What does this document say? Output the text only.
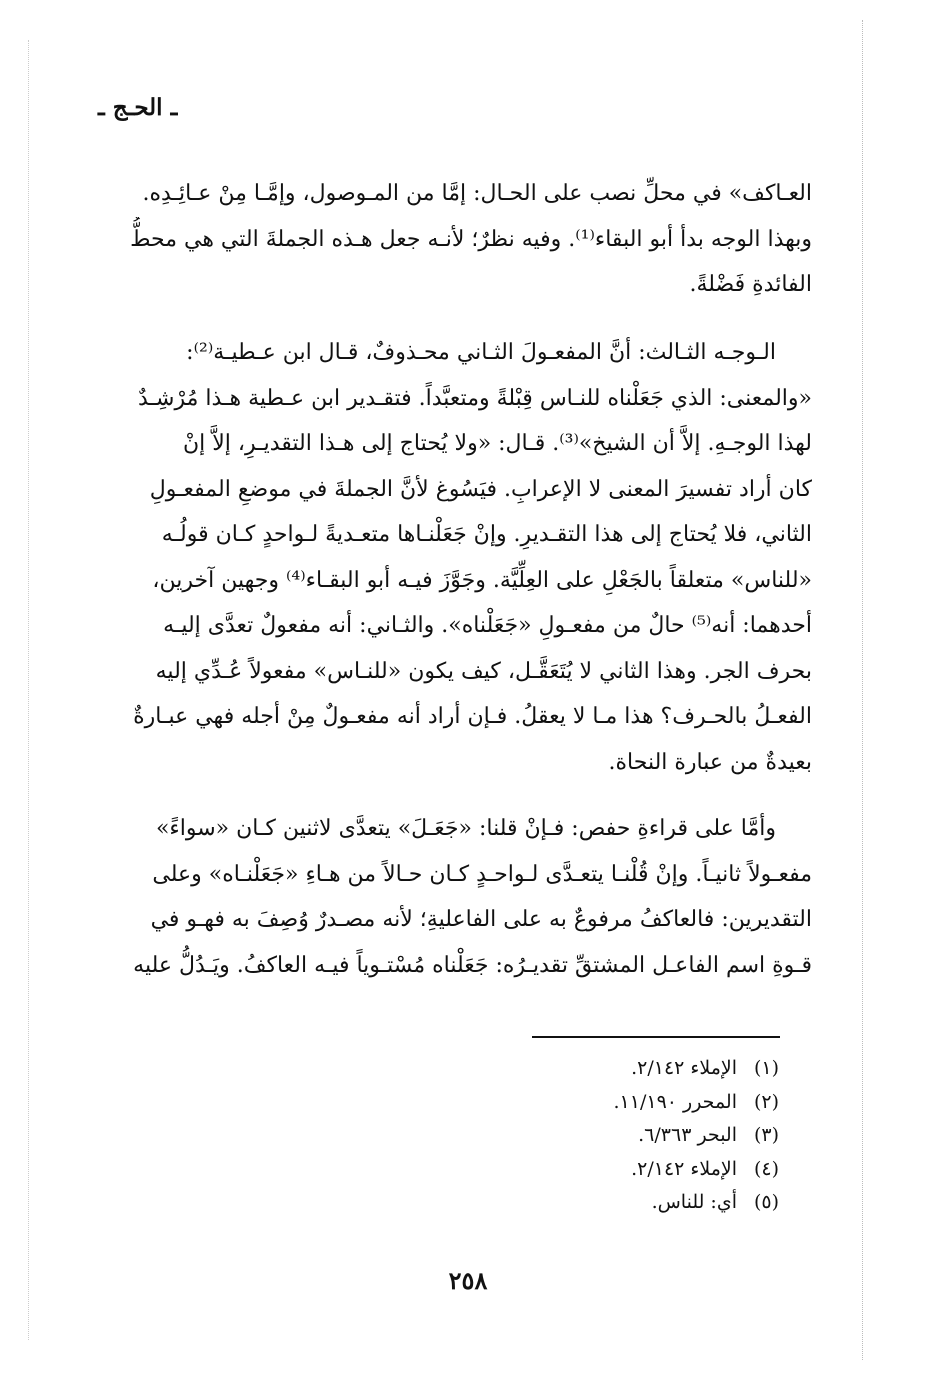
ـ الحـج ـ
العـاكف» في محلِّ نصب على الحـال: إمَّا من المـوصول، وإمَّـا مِنْ عـائِـدِه.
وبهذا الوجه بدأ أبو البقاء⁽¹⁾. وفيه نظرٌ؛ لأنـه جعل هـذه الجملةَ التي هي محطُّ
الفائدةِ فَضْلةً.
الـوجـه الثـالث: أنَّ المفعـولَ الثـاني محـذوفٌ، قـال ابن عـطيـة⁽²⁾:
«والمعنى: الذي جَعَلْناه للنـاس قِبْلةً ومتعبَّداً. فتقـدير ابن عـطية هـذا مُرْشِـدٌ
لهذا الوجـهِ. إلاَّ أن الشيخ»⁽³⁾. قـال: «ولا يُحتاج إلى هـذا التقديـرِ، إلاَّ إنْ
كان أراد تفسيرَ المعنى لا الإعرابِ. فيَسُوغ لأنَّ الجملةَ في موضعِ المفعـولِ
الثاني، فلا يُحتاج إلى هذا التقـديرِ. وإنْ جَعَلْنـاها متعـديةً لـواحدٍ كـان قولُـه
«للناس» متعلقاً بالجَعْلِ على العِلِّيَّة. وجَوَّزَ فيـه أبو البقـاء⁽⁴⁾ وجهين آخرين،
أحدهما: أنه⁽⁵⁾ حالٌ من مفعـولِ «جَعَلْناه». والثـاني: أنه مفعولٌ تعدَّى إليـه
بحرف الجر. وهذا الثاني لا يُتَعَقَّـل، كيف يكون «للنـاس» مفعولاً عُـدِّي إليه
الفعـلُ بالحـرف؟ هذا مـا لا يعقلُ. فـإن أراد أنه مفعـولٌ مِنْ أجله فهي عبـارةٌ
بعيدةٌ من عبارة النحاة.
وأمَّا على قراءةِ حفص: فـإنْ قلنا: «جَعَـلَ» يتعدَّى لاثنين كـان «سواءً»
مفعـولاً ثانيـاً. وإنْ قُلْنـا يتعـدَّى لـواحـدٍ كـان حـالاً من هـاءِ «جَعَلْنـاه» وعلى
التقديرين: فالعاكفُ مرفوعٌ به على الفاعليةِ؛ لأنه مصـدرٌ وُصِفَ به فهـو في
قـوةِ اسم الفاعـل المشتقِّ تقديـرُه: جَعَلْناه مُسْتـوياً فيـه العاكفُ. ويَـدُلُّ عليه
(١)الإملاء ٢/١٤٢.
(٢)المحرر ١١/١٩٠.
(٣)البحر ٦/٣٦٣.
(٤)الإملاء ٢/١٤٢.
(٥)أي: للناس.
٢٥٨
